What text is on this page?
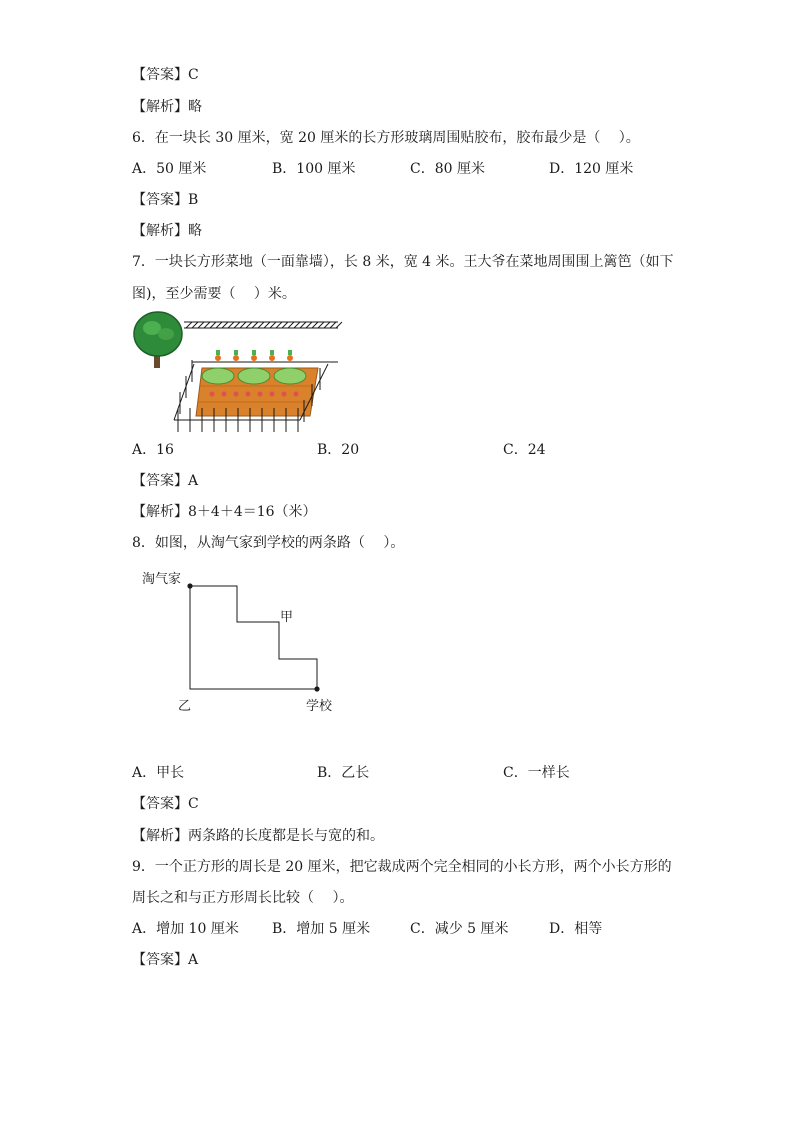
【答案】C
【解析】略
6．在一块长 30 厘米，宽 20 厘米的长方形玻璃周围贴胶布，胶布最少是（　 ）。
A．50 厘米	B．100 厘米	C．80 厘米	D．120 厘米
【答案】B
【解析】略
7．一块长方形菜地（一面靠墙），长 8 米，宽 4 米。王大爷在菜地周围围上篱笆（如下
图)，至少需要（　 ）米。
A．16	B．20	C．24
【答案】A
【解析】8＋4＋4＝16（米）
8．如图，从淘气家到学校的两条路（　 ）。
淘气家
甲
乙	学校
A．甲长	B．乙长	C．一样长
【答案】C
【解析】两条路的长度都是长与宽的和。
9．一个正方形的周长是 20 厘米，把它裁成两个完全相同的小长方形，两个小长方形的
周长之和与正方形周长比较（　 ）。
A．增加 10 厘米 B．增加 5 厘米	C．减少 5 厘米	D．相等
【答案】A
